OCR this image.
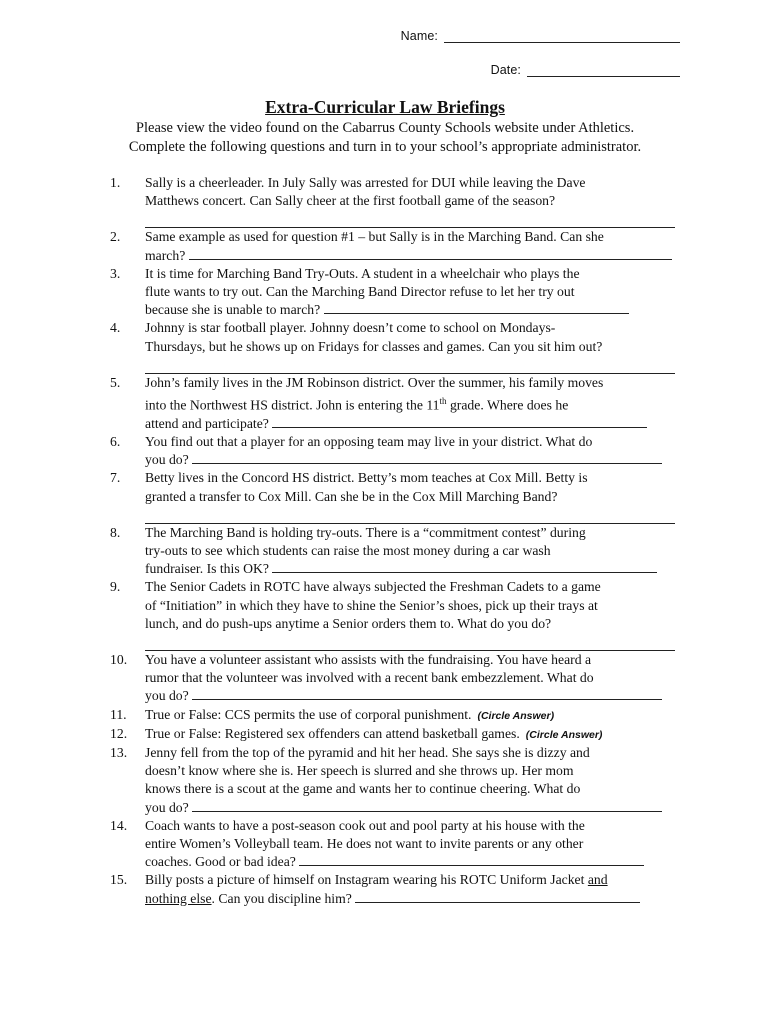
Name:
Date:
Extra-Curricular Law Briefings
Please view the video found on the Cabarrus County Schools website under Athletics.
Complete the following questions and turn in to your school’s appropriate administrator.
1.	Sally is a cheerleader. In July Sally was arrested for DUI while leaving the Dave
Matthews concert. Can Sally cheer at the first football game of the season?
2.	Same example as used for question #1 – but Sally is in the Marching Band. Can she
march?
3.	It is time for Marching Band Try-Outs. A student in a wheelchair who plays the
flute wants to try out. Can the Marching Band Director refuse to let her try out
because she is unable to march?
4.	Johnny is star football player. Johnny doesn’t come to school on Mondays-
Thursdays, but he shows up on Fridays for classes and games. Can you sit him out?
5.	John’s family lives in the JM Robinson district. Over the summer, his family moves
into the Northwest HS district. John is entering the 11th grade. Where does he
attend and participate?
6.	You find out that a player for an opposing team may live in your district. What do
you do?
7.	Betty lives in the Concord HS district. Betty’s mom teaches at Cox Mill. Betty is
granted a transfer to Cox Mill. Can she be in the Cox Mill Marching Band?
8.	The Marching Band is holding try-outs. There is a “commitment contest” during
try-outs to see which students can raise the most money during a car wash
fundraiser. Is this OK?
9.	The Senior Cadets in ROTC have always subjected the Freshman Cadets to a game
of “Initiation” in which they have to shine the Senior’s shoes, pick up their trays at
lunch, and do push-ups anytime a Senior orders them to. What do you do?
10.	You have a volunteer assistant who assists with the fundraising. You have heard a
rumor that the volunteer was involved with a recent bank embezzlement. What do
you do?
11.	True or False: CCS permits the use of corporal punishment. (Circle Answer)
12.	True or False: Registered sex offenders can attend basketball games. (Circle Answer)
13.	Jenny fell from the top of the pyramid and hit her head. She says she is dizzy and
doesn’t know where she is. Her speech is slurred and she throws up. Her mom
knows there is a scout at the game and wants her to continue cheering. What do
you do?
14.	Coach wants to have a post-season cook out and pool party at his house with the
entire Women’s Volleyball team. He does not want to invite parents or any other
coaches. Good or bad idea?
15.	Billy posts a picture of himself on Instagram wearing his ROTC Uniform Jacket and
nothing else. Can you discipline him?
